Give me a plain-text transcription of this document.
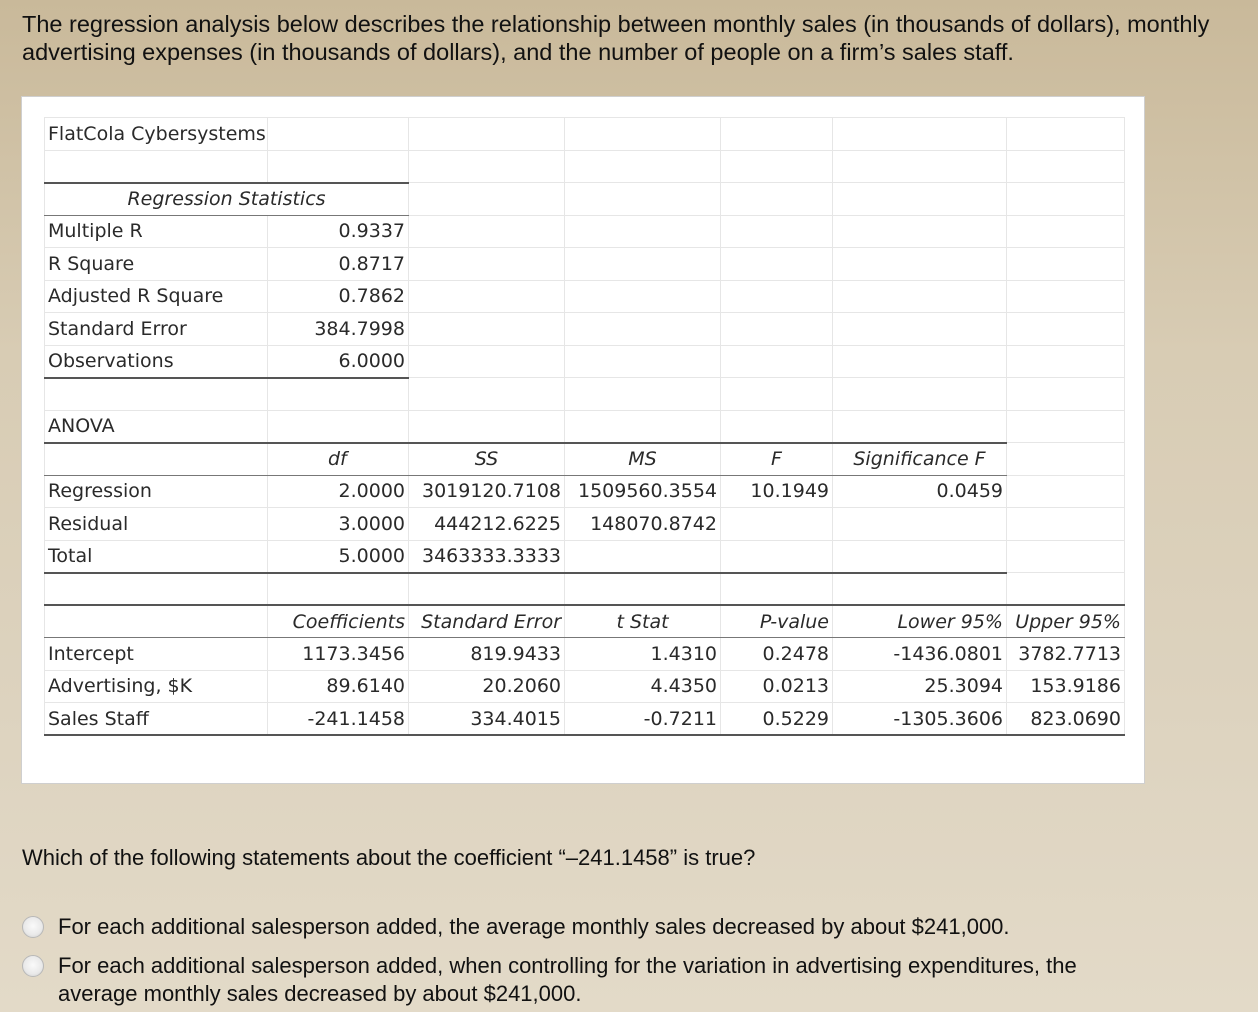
The regression analysis below describes the relationship between monthly sales (in thousands of dollars), monthly advertising expenses (in thousands of dollars), and the number of people on a firm’s sales staff.

FlatCola Cybersystems						

Regression Statistics						
Multiple R	0.9337					
R Square	0.8717					
Adjusted R Square	0.7862					
Standard Error	384.7998					
Observations	6.0000					

ANOVA						
	df	SS	MS	F	Significance F	
Regression	2.0000	3019120.7108	1509560.3554	10.1949	0.0459	
Residual	3.0000	444212.6225	148070.8742			
Total	5.0000	3463333.3333				

	Coefficients	Standard Error	t Stat	P-value	Lower 95%	Upper 95%
Intercept	1173.3456	819.9433	1.4310	0.2478	-1436.0801	3782.7713
Advertising, $K	89.6140	20.2060	4.4350	0.0213	25.3094	153.9186
Sales Staff	-241.1458	334.4015	-0.7211	0.5229	-1305.3606	823.0690

Which of the following statements about the coefficient “–241.1458” is true?

For each additional salesperson added, the average monthly sales decreased by about $241,000.
For each additional salesperson added, when controlling for the variation in advertising expenditures, the average monthly sales decreased by about $241,000.
